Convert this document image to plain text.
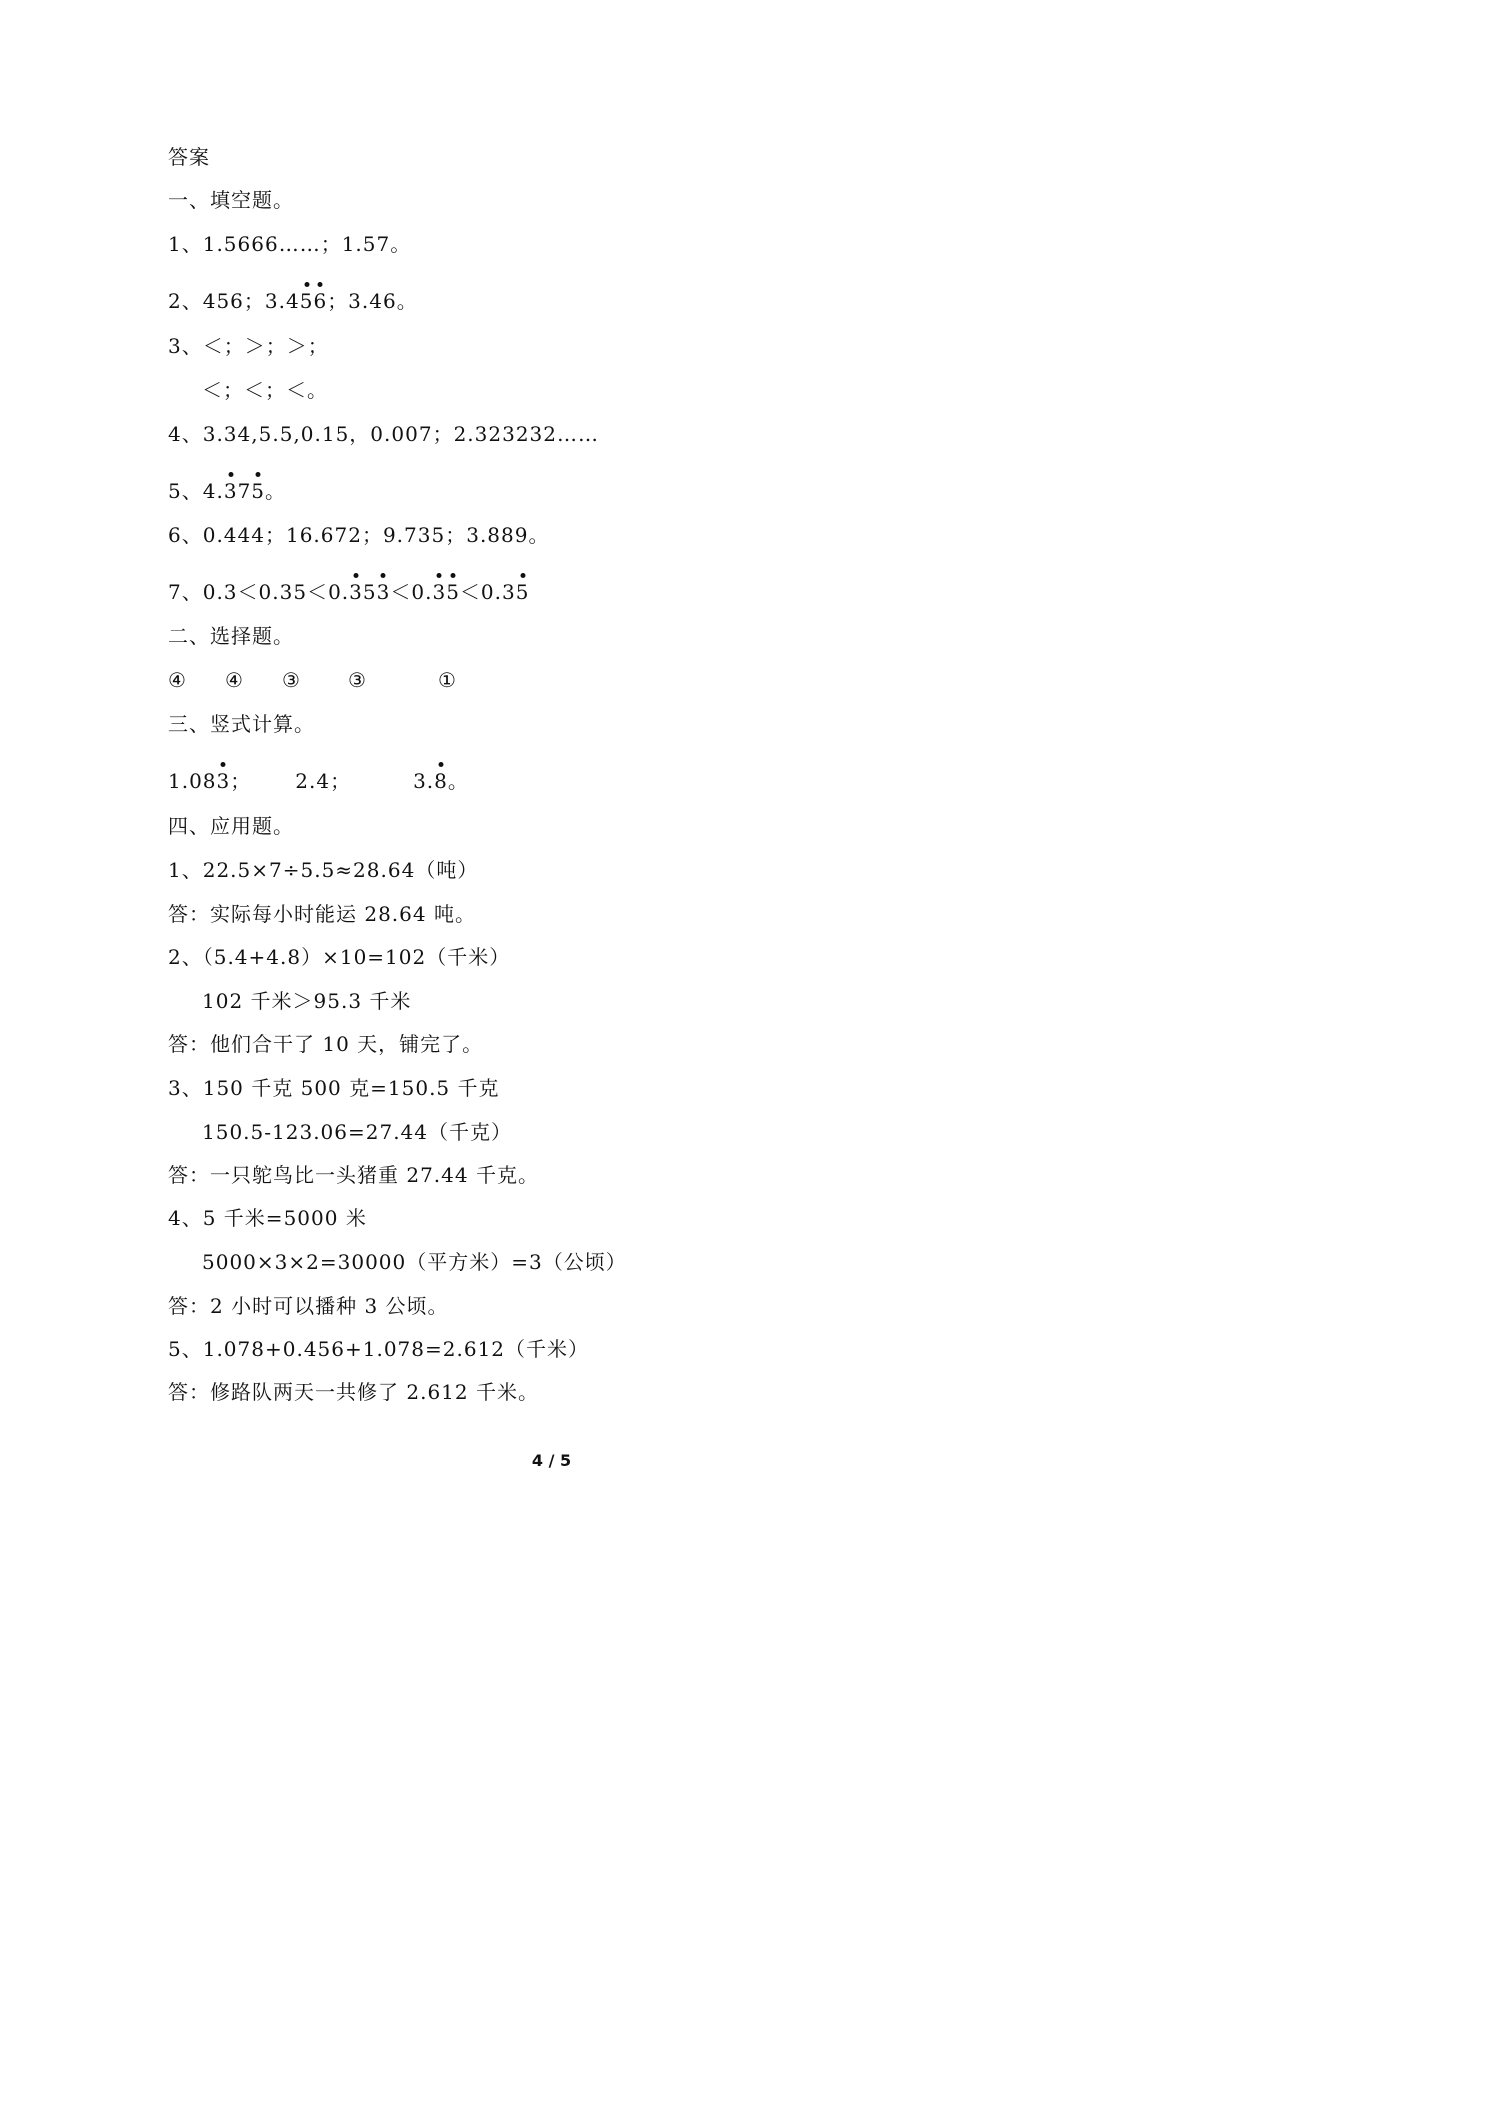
答案
一、填空题。
1、1.5666……；1.57。
2、456；3.456；3.46。
3、＜；＞；＞；
＜；＜；＜。
4、3.34,5.5,0.15，0.007；2.323232……
5、4.375。
6、0.444；16.672；9.735；3.889。
7、0.3＜0.35＜0.353＜0.35＜0.35
二、选择题。
④ ④ ③ ③	①
三、竖式计算。
1.083； 2.4；	3.8。
四、应用题。
1、22.5×7÷5.5≈28.64（吨）
答：实际每小时能运 28.64 吨。
2、（5.4+4.8）×10=102（千米）
102 千米＞95.3 千米
答：他们合干了 10 天，铺完了。
3、150 千克 500 克=150.5 千克
150.5-123.06=27.44（千克）
答：一只鸵鸟比一头猪重 27.44 千克。
4、5 千米=5000 米
5000×3×2=30000（平方米）=3（公顷）
答：2 小时可以播种 3 公顷。
5、1.078+0.456+1.078=2.612（千米）
答：修路队两天一共修了 2.612 千米。
4 / 5
